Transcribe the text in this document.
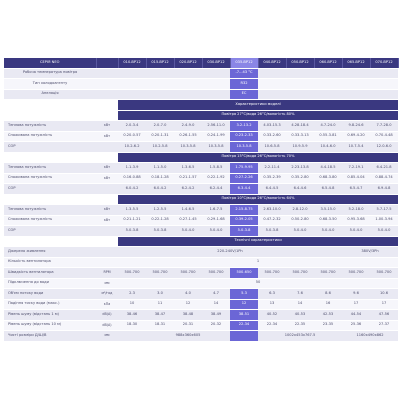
СЕРІЯ NEO		010-BP12	015-BP12	020-BP12	030-BP12	035-BP12	040-BP12	050-BP12	060-BP12	065-BP12	070-BP12
Робоча температура повітря						-7...43 °С					
Тип холодоагенту						R32					
Апеляція						ЕС					
		Характеристики моделі									
		Повітря 27°С/вода 26°С/вологість 80%									
Теплова потужність	кВт	2.0-3.4	2.0-7.0	2.4-9.0	2.56-11.0	3.2-13.2	4.03-15.3	4.28-18.4	4.7-24.0	9.8-24.6	7.7-28.0
Споживана потужність	кВт	0.20-0.57	0.20-1.31	0.26-1.55	0.24-1.99	0.23-2.33	0.33-2.60	0.33-3.13	0.55-3.81	0.69-4.20	0.70-4.48
COP		10.2-6.2	10.2-5.8	10.3-5.8	10.3-5.8	10.3-5.8	10.6-5.8	10.9-5.9	10.4-6.0	10.7-5.4	12.0-6.0
		Повітря 15°С/вода 26°С/вологість 70%									
Теплова потужність	кВт	1.1-3.9	1.1-5.0	1.3-6.5	1.5-8.5	1.75-9.95	2.2-11.4	2.23-13.8	4.4-18.5	7.2-19.1	6.4-21.8
Споживана потужність	кВт	0.16-0.88	0.18-1.28	0.21-1.57	0.22-1.92	0.27-2.26	0.35-2.39	0.35-2.80	0.68-3.80	0.85-4.04	0.88-4.74
COP		6.0-4.2	6.0-4.2	6.2-4.2	6.2-4.4	6.3-4.4	6.4-4.5	6.4-4.6	6.5-4.8	6.5-4.7	6.9-4.8
		Повітря 10°С/вода 26°С/вологість 64%									
Теплова потужність	кВт	1.3-5.5	1.2-5.5	1.4-6.5	1.6-7.5	2.15-8.75	2.63-10.0	2.8-12.0	3.5-15.0	5.2-18.0	5.7-17.5
Споживана потужність	кВт	0.21-1.21	0.22-1.28	0.27-1.45	0.29-1.68	0.39-2.05	0.47-2.32	0.50-2.80	0.68-3.50	0.95-3.68	1.00-3.94
COP		5.0-3.8	5.0-3.8	5.0-4.0	5.0-4.0	5.0-3.8	5.0-3.8	5.0-4.0	5.0-4.0	5.0-4.0	5.0-4.0
		Технічні характеристики									
Джерело живлення		220-240V/1Ph								380V/3Ph	
Кількість вентилятора		1									
Швидкість вентилятора	RPM	500-700	500-700	500-700	500-700	500-650	500-700	500-700	500-700	500-700	500-700
Підключення до води	мм	50									
Об'єм потоку води	м³/год	2.3	3.0	4.0	4.7	5.3	6.3	7.6	8.6	9.6	10.6
Падіння тиску води (макс.)	кПа	10	11	12	14	12	13	14	16	17	17
Рівень шуму (відстань 1 м)	dB(A)	38-46	38-47	38-48	38-49	38-51	40-52	40-53	42-53	44-54	47-56
Рівень шуму (відстань 10 м)	dB(A)	18-30	18-31	20-31	20-32	22-34	22-34	22-35	23-35	25-36	27-37
Чисті розміри Д/Ш/В	мм		988x360x605				1002x453x767.5			1160x490x862	
